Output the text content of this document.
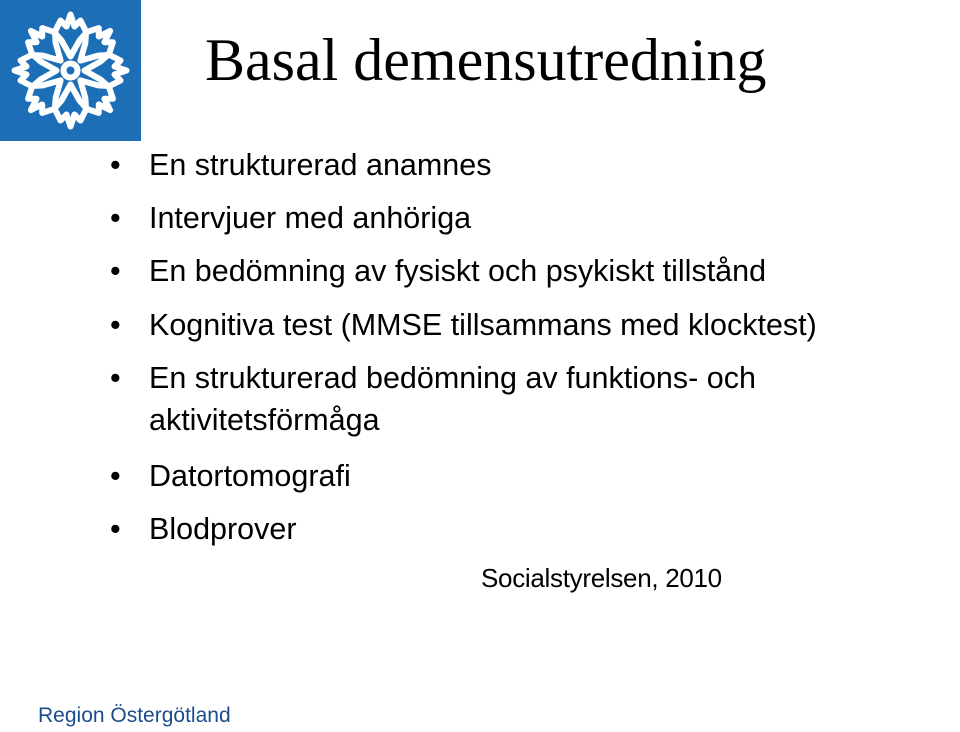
Basal demensutredning
• En strukturerad anamnes
• Intervjuer med anhöriga
• En bedömning av fysiskt och psykiskt tillstånd
• Kognitiva test (MMSE tillsammans med klocktest)
• En strukturerad bedömning av funktions- och
aktivitetsförmåga
• Datortomografi
• Blodprover
Socialstyrelsen, 2010
Region Östergötland
